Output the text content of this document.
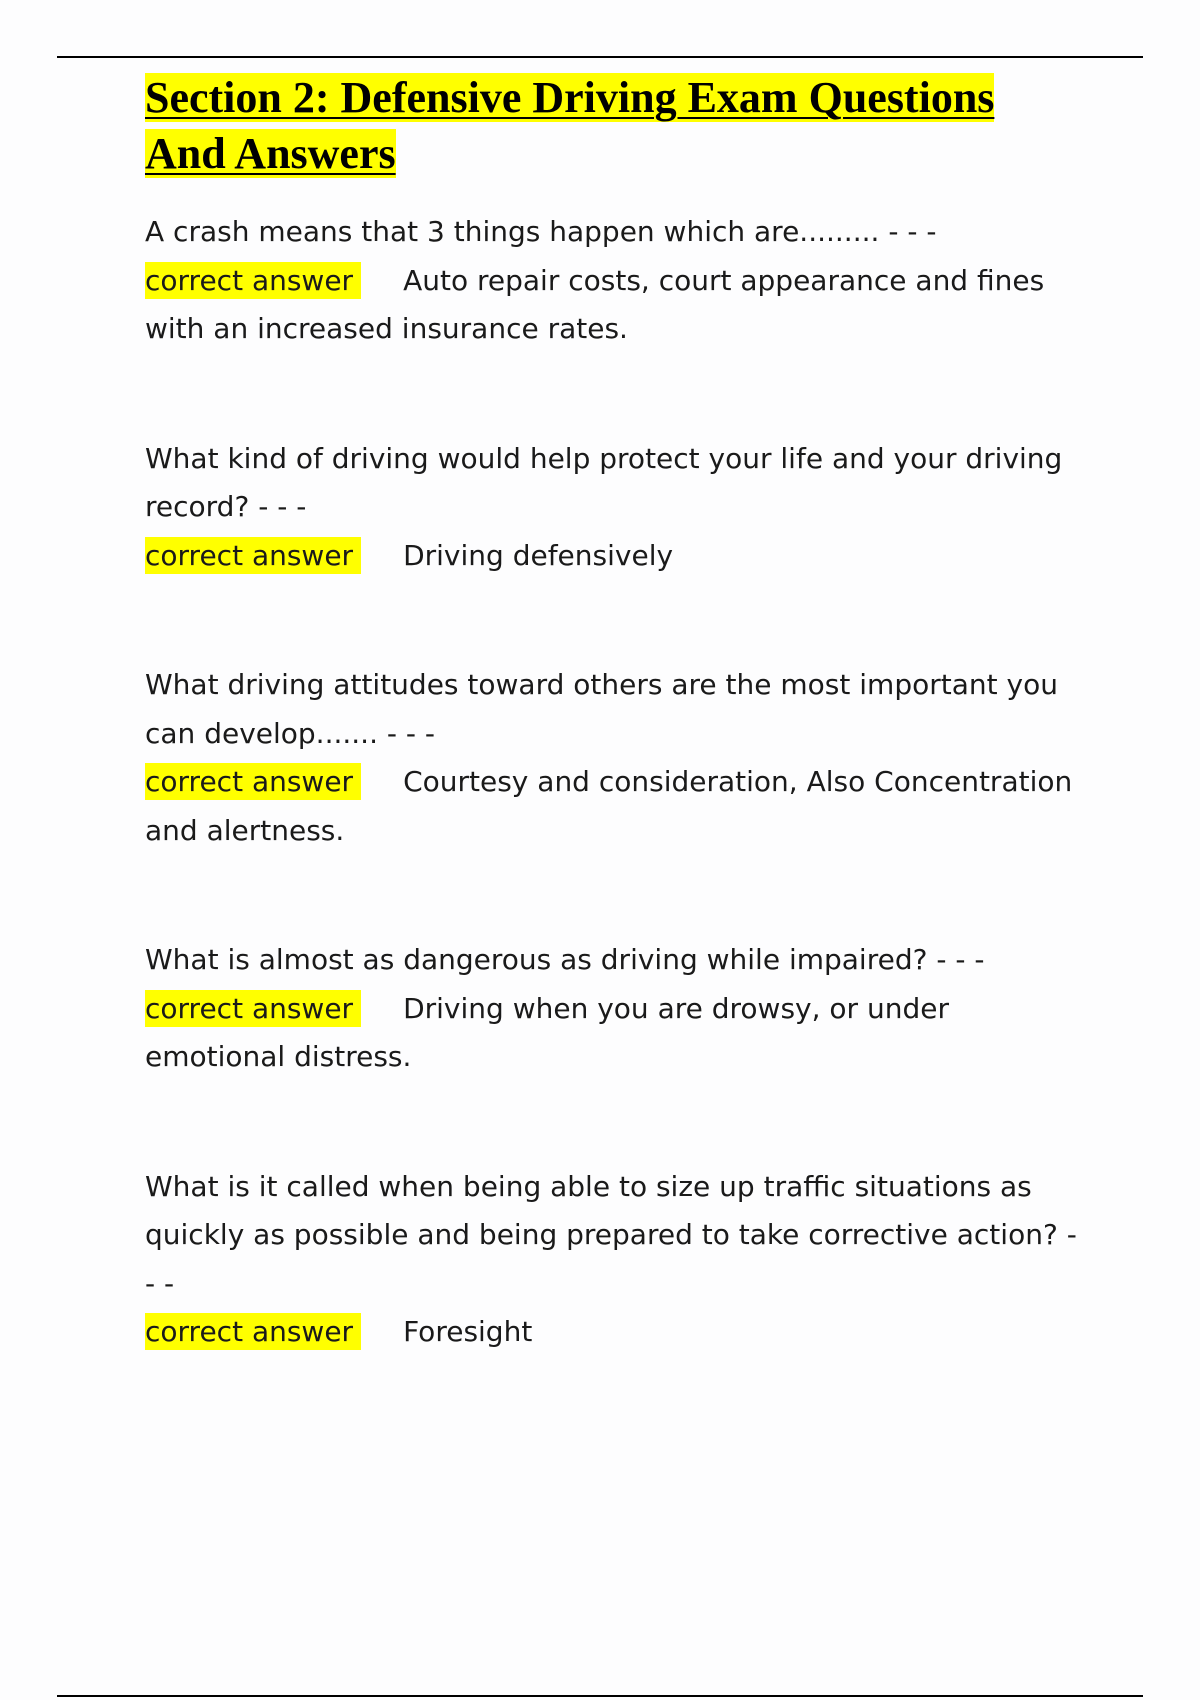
Section 2: Defensive Driving Exam Questions
And Answers

A crash means that 3 things happen which are......... - - -

correct answer Auto repair costs, court appearance and fines with an increased insurance rates.

What kind of driving would help protect your life and your driving record? - - -

correct answer Driving defensively

What driving attitudes toward others are the most important you can develop....... - - -

correct answer Courtesy and consideration, Also Concentration and alertness.

What is almost as dangerous as driving while impaired? - - -

correct answer Driving when you are drowsy, or under emotional distress.

What is it called when being able to size up traffic situations as quickly as possible and being prepared to take corrective action? - - -

correct answer Foresight
